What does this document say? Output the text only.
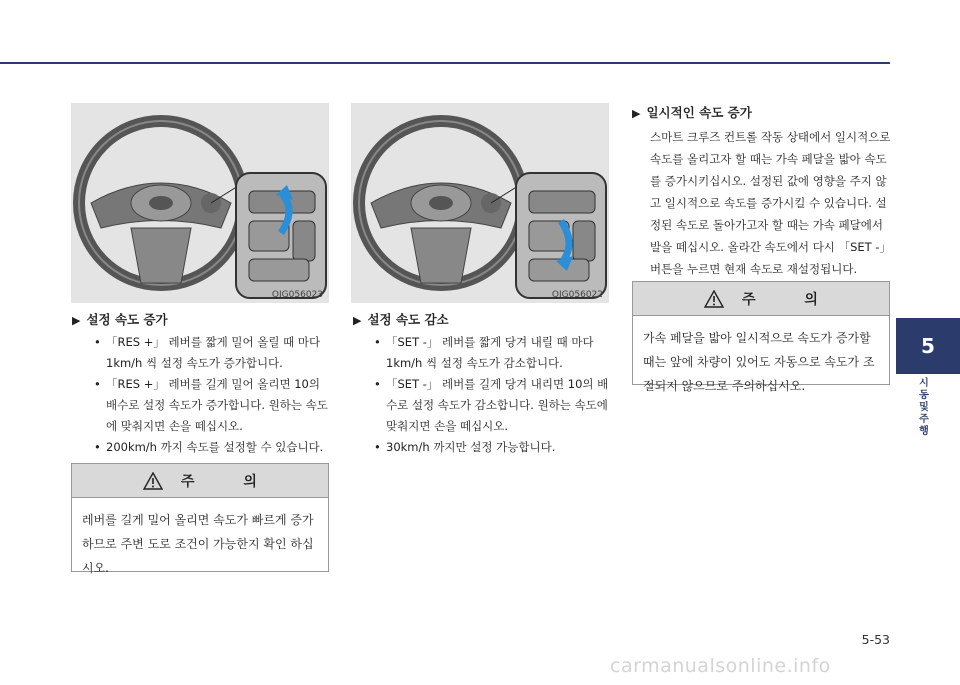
OIG056023	OIG056022
▶ 설정 속도 증가
• 「RES +」 레버를 짧게 밀어 올릴 때 마다 1km/h 씩 설정 속도가 증가합니다.
• 「RES +」 레버를 길게 밀어 올리면 10의 배수로 설정 속도가 증가합니다. 원하는 속도에 맞춰지면 손을 떼십시오.
• 200km/h 까지 속도를 설정할 수 있습니다.
주 의
레버를 길게 밀어 올리면 속도가 빠르게 증가하므로 주변 도로 조건이 가능한지 확인 하십시오.
▶ 설정 속도 감소
• 「SET -」 레버를 짧게 당겨 내릴 때 마다 1km/h 씩 설정 속도가 감소합니다.
• 「SET -」 레버를 길게 당겨 내리면 10의 배수로 설정 속도가 감소합니다. 원하는 속도에 맞춰지면 손을 떼십시오.
• 30km/h 까지만 설정 가능합니다.
▶ 일시적인 속도 증가
스마트 크루즈 컨트롤 작동 상태에서 일시적으로 속도를 올리고자 할 때는 가속 페달을 밟아 속도를 증가시키십시오. 설정된 값에 영향을 주지 않고 일시적으로 속도를 증가시킬 수 있습니다. 설정된 속도로 돌아가고자 할 때는 가속 페달에서 발을 떼십시오. 올라간 속도에서 다시 「SET -」 버튼을 누르면 현재 속도로 재설정됩니다.
주 의
가속 페달을 밟아 일시적으로 속도가 증가할때는 앞에 차량이 있어도 자동으로 속도가 조절되지 않으므로 주의하십시오.
5
시동 및 주행
5-53
carmanualsonline.info
